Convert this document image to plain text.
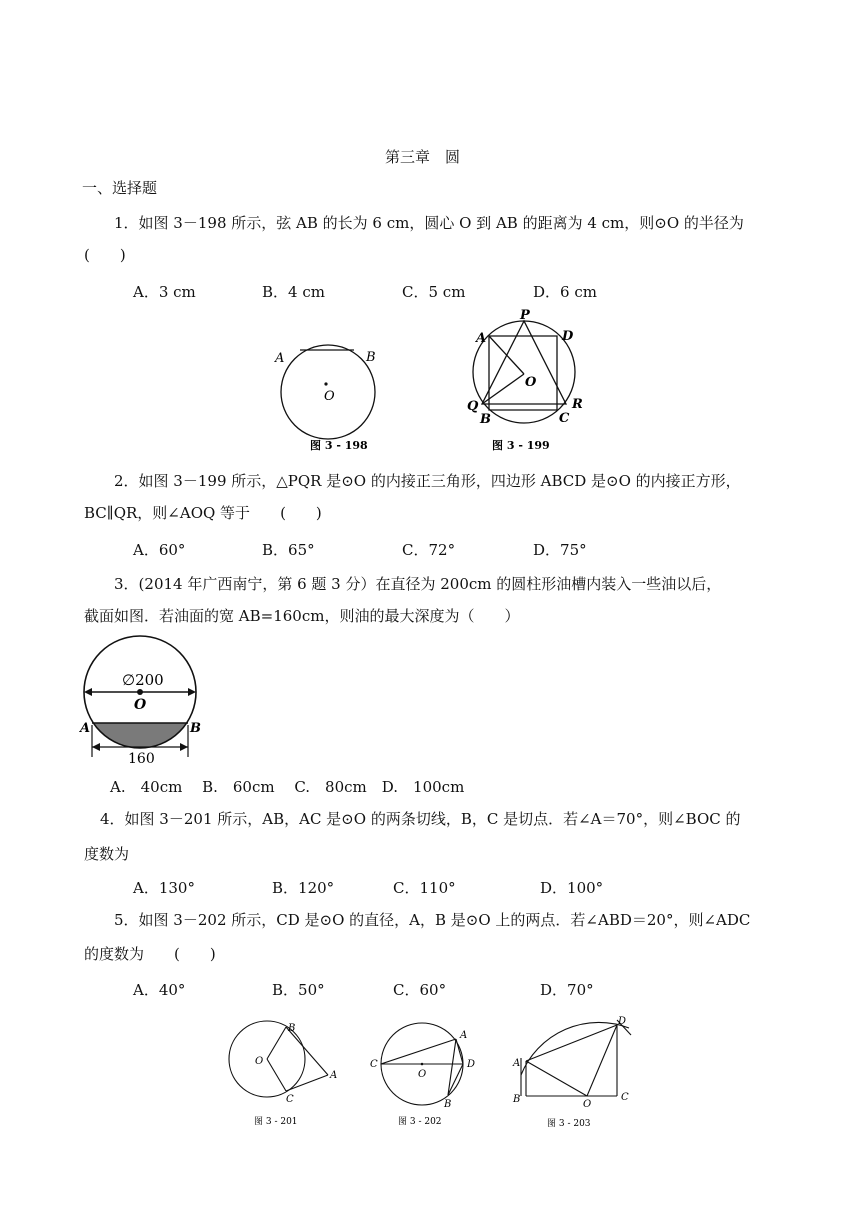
第三章　圆
一、选择题
1．如图 3－198 所示，弦 AB 的长为 6 cm，圆心 O 到 AB 的距离为 4 cm，则⊙O 的半径为
(　　)
A．3 cm	B．4 cm	C．5 cm	D．6 cm
A	B
O
图 3 - 198
A
P
D
O
Q	R
B	C
图 3 - 199
2．如图 3－199 所示，△PQR 是⊙O 的内接正三角形，四边形 ABCD 是⊙O 的内接正方形，
BC∥QR，则∠AOQ 等于　　(　　)
A．60°	B．65°	C．72°	D．75°
3．(2014 年广西南宁，第 6 题 3 分）在直径为 200cm 的圆柱形油槽内装入一些油以后，
截面如图．若油面的宽 AB=160cm，则油的最大深度为（　　）
∅200
O
A	B
160
A.　40cm　 B.　60cm　 C.　80cm　D.　100cm
4．如图 3－201 所示，AB，AC 是⊙O 的两条切线，B，C 是切点．若∠A＝70°，则∠BOC 的
度数为
A．130°	B．120°	C．110°	D．100°
5．如图 3－202 所示，CD 是⊙O 的直径，A，B 是⊙O 上的两点．若∠ABD＝20°，则∠ADC
的度数为　　(　　)
A．40°	B．50°	C．60°	D．70°
B
O
A
C
图 3 - 201
A
C
O
D
B
图 3 - 202
D
A
B	O
C
图 3 - 203
